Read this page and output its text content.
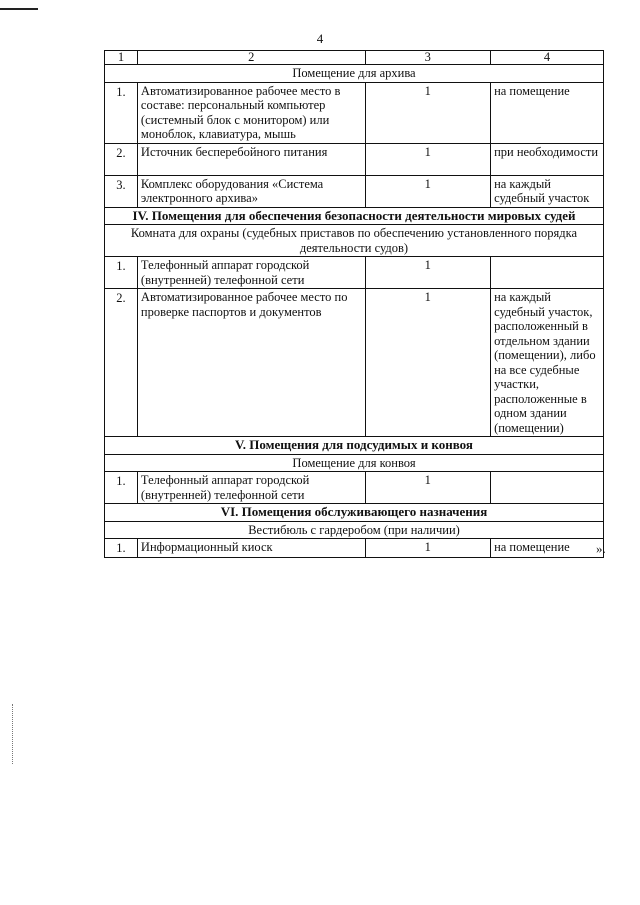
4
1	2	3	4
Помещение для архива			
1.	Автоматизированное рабочее место в составе: персональный компьютер (системный блок с монитором) или моноблок, клавиатура, мышь	1	на помещение
2.	Источник бесперебойного питания	1	при необходимости
3.	Комплекс оборудования «Система электронного архива»	1	на каждый судебный участок
IV. Помещения для обеспечения безопасности деятельности мировых судей			
Комната для охраны (судебных приставов по обеспечению установленного порядка деятельности судов)			
1.	Телефонный аппарат городской (внутренней) телефонной сети	1	
2.	Автоматизированное рабочее место по проверке паспортов и документов	1	на каждый судебный участок, расположенный в отдельном здании (помещении), либо на все судебные участки, расположенные в одном здании (помещении)
V. Помещения для подсудимых и конвоя			
Помещение для конвоя			
1.	Телефонный аппарат городской (внутренней) телефонной сети	1	
VI. Помещения обслуживающего назначения			
Вестибюль с гардеробом (при наличии)			
1.	Информационный киоск	1	на помещение ».
